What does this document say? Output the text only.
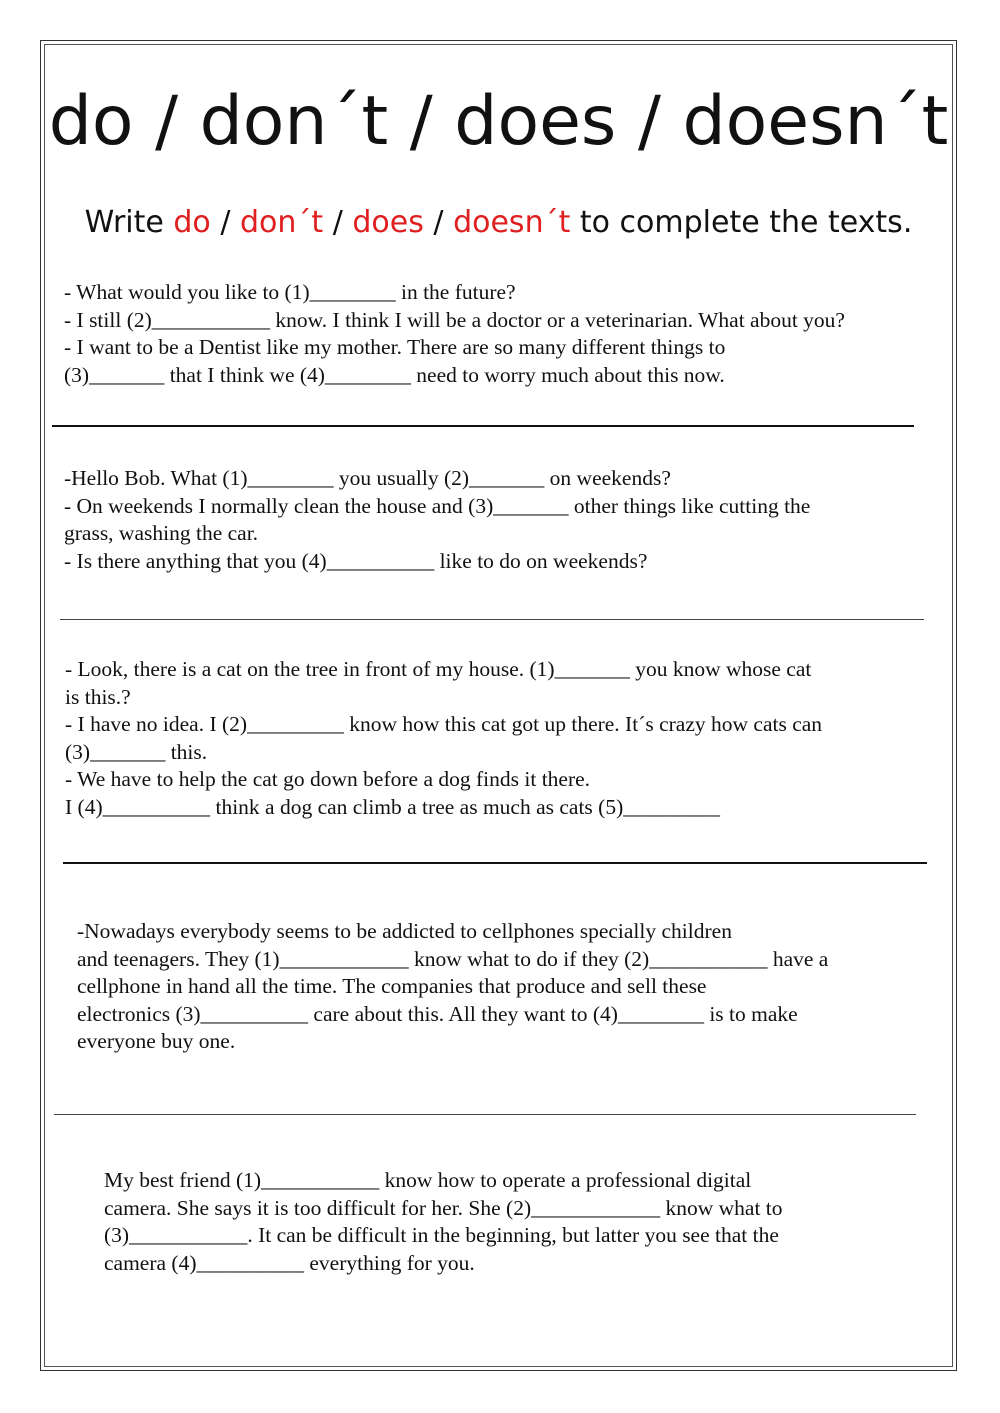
do / don´t / does / doesn´t
Write do / don´t / does / doesn´t to complete the texts.

- What would you like to (1)________ in the future?

- I still (2)___________ know. I think I will be a doctor or a veterinarian. What about you?

- I want to be a Dentist like my mother. There are so many different things to

(3)_______ that I think we (4)________ need to worry much about this now.

-Hello Bob. What (1)________ you usually (2)_______ on weekends?

- On weekends I normally clean the house and (3)_______ other things like cutting the

grass, washing the car.

- Is there anything that you (4)__________ like to do on weekends?

- Look, there is a cat on the tree in front of my house. (1)_______ you know whose cat

is this.?

- I have no idea. I (2)_________ know how this cat got up there. It´s crazy how cats can

(3)_______ this.

- We have to help the cat go down before a dog finds it there.

I (4)__________ think a dog can climb a tree as much as cats (5)_________

-Nowadays everybody seems to be addicted to cellphones specially children

and teenagers. They (1)____________ know what to do if they (2)___________ have a

cellphone in hand all the time. The companies that produce and sell these

electronics (3)__________ care about this. All they want to (4)________ is to make

everyone buy one.

My best friend (1)___________ know how to operate a professional digital

camera. She says it is too difficult for her. She (2)____________ know what to

(3)___________. It can be difficult in the beginning, but latter you see that the

camera (4)__________ everything for you.
